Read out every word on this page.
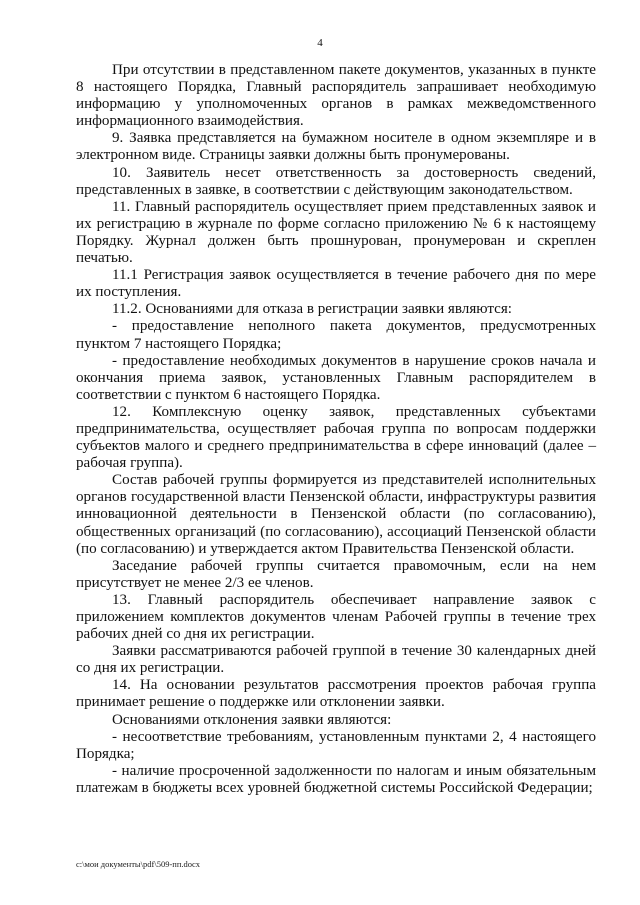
4

При отсутствии в представленном пакете документов, указанных в пункте 8 настоящего Порядка, Главный распорядитель запрашивает необходимую информацию у уполномоченных органов в рамках межведомственного информационного взаимодействия.

9. Заявка представляется на бумажном носителе в одном экземпляре и в электронном виде. Страницы заявки должны быть пронумерованы.

10. Заявитель несет ответственность за достоверность сведений, представленных в заявке, в соответствии с действующим законодательством.

11. Главный распорядитель осуществляет прием представленных заявок и их регистрацию в журнале по форме согласно приложению № 6 к настоящему Порядку. Журнал должен быть прошнурован, пронумерован и скреплен печатью.

11.1 Регистрация заявок осуществляется в течение рабочего дня по мере их поступления.

11.2. Основаниями для отказа в регистрации заявки являются:

- предоставление неполного пакета документов, предусмотренных пунктом 7 настоящего Порядка;

- предоставление необходимых документов в нарушение сроков начала и окончания приема заявок, установленных Главным распорядителем в соответствии с пунктом 6 настоящего Порядка.

12. Комплексную оценку заявок, представленных субъектами предпринимательства, осуществляет рабочая группа по вопросам поддержки субъектов малого и среднего предпринимательства в сфере инноваций (далее – рабочая группа).

Состав рабочей группы формируется из представителей исполнительных органов государственной власти Пензенской области, инфраструктуры развития инновационной деятельности в Пензенской области (по согласованию), общественных организаций (по согласованию), ассоциаций Пензенской области (по согласованию) и утверждается актом Правительства Пензенской области.

Заседание рабочей группы считается правомочным, если на нем присутствует не менее 2/3 ее членов.

13. Главный распорядитель обеспечивает направление заявок с приложением комплектов документов членам Рабочей группы в течение трех рабочих дней со дня их регистрации.

Заявки рассматриваются рабочей группой в течение 30 календарных дней со дня их регистрации.

14. На основании результатов рассмотрения проектов рабочая группа принимает решение о поддержке или отклонении заявки.

Основаниями отклонения заявки являются:

- несоответствие требованиям, установленным пунктами 2, 4 настоящего Порядка;

- наличие просроченной задолженности по налогам и иным обязательным платежам в бюджеты всех уровней бюджетной системы Российской Федерации;

c:\мои документы\pdf\509-пп.docx
